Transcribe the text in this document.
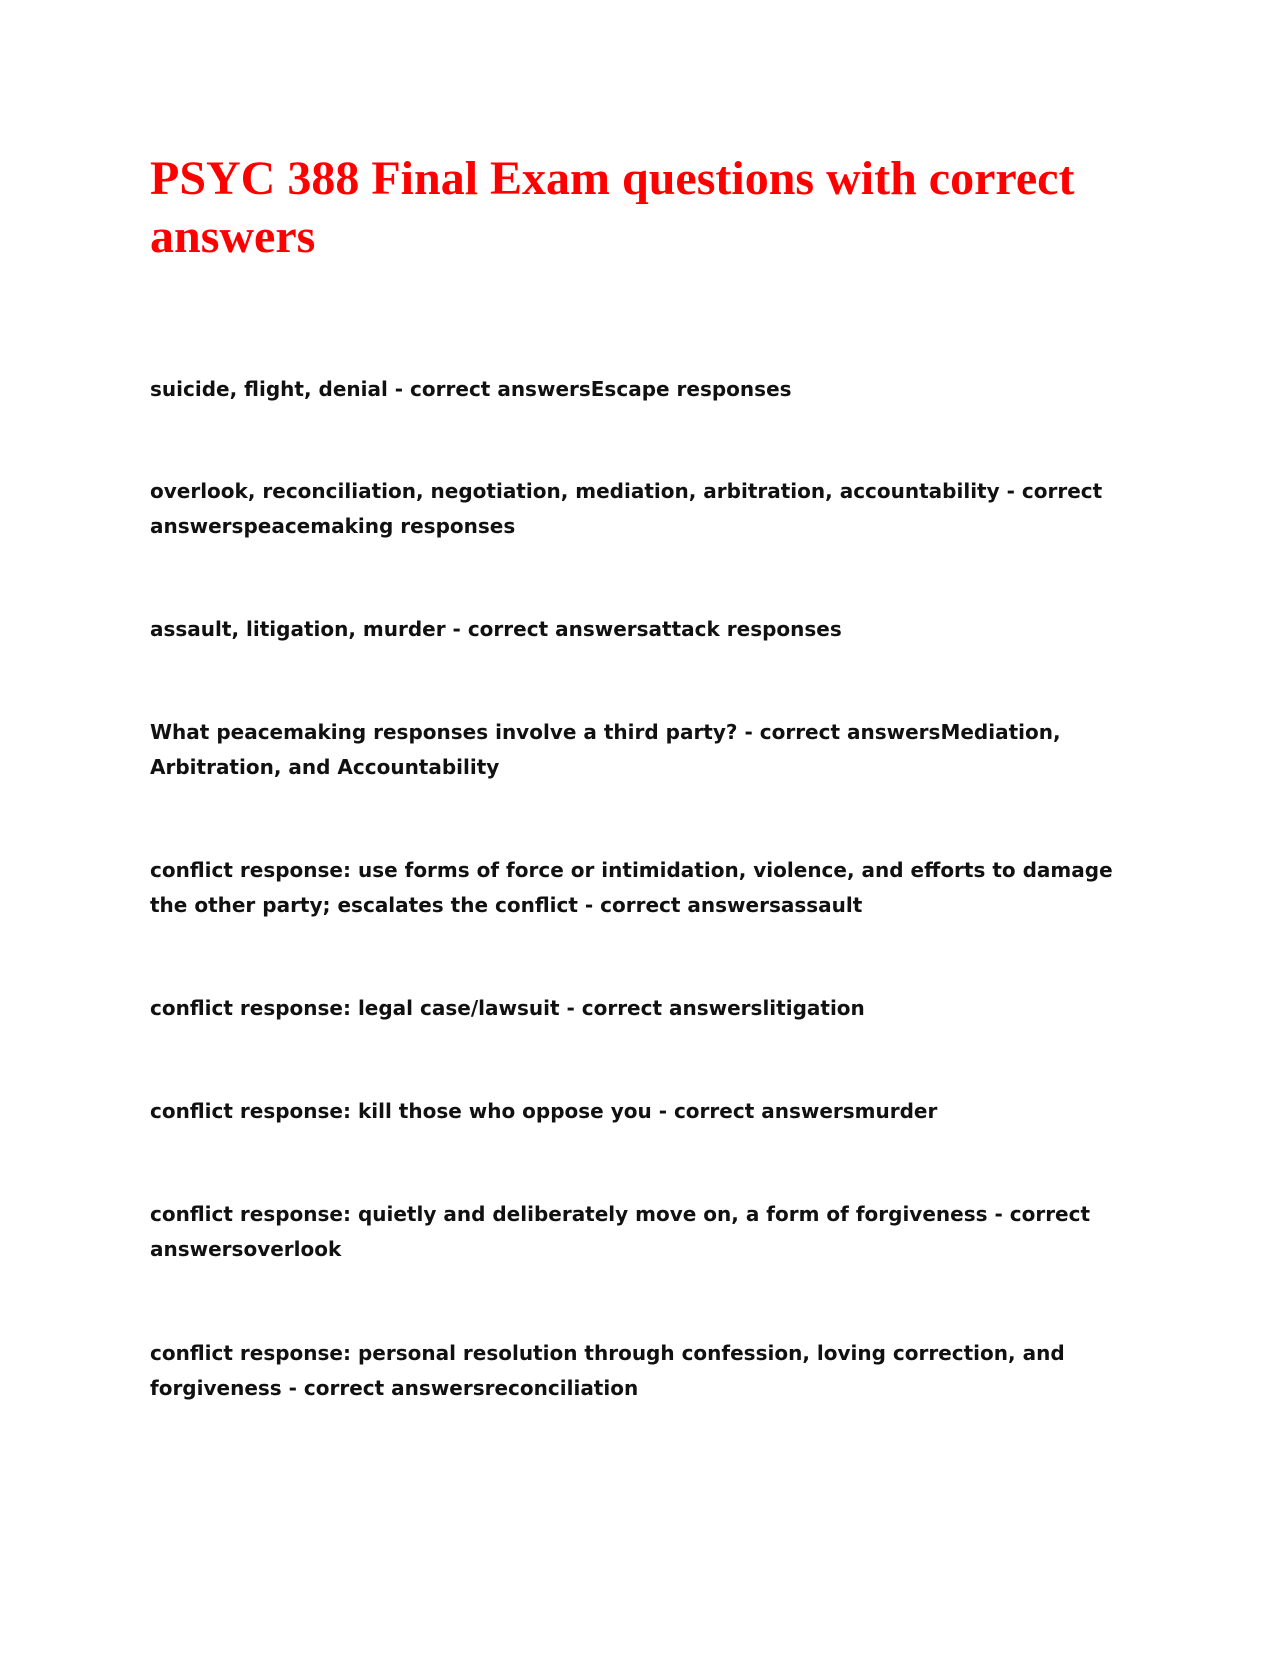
PSYC 388 Final Exam questions with correct answers

suicide, flight, denial - correct answersEscape responses

overlook, reconciliation, negotiation, mediation, arbitration, accountability - correct answerspeacemaking responses

assault, litigation, murder - correct answersattack responses

What peacemaking responses involve a third party? - correct answersMediation, Arbitration, and Accountability

conflict response: use forms of force or intimidation, violence, and efforts to damage the other party; escalates the conflict - correct answersassault

conflict response: legal case/lawsuit - correct answerslitigation

conflict response: kill those who oppose you - correct answersmurder

conflict response: quietly and deliberately move on, a form of forgiveness - correct answersoverlook

conflict response: personal resolution through confession, loving correction, and forgiveness - correct answersreconciliation
